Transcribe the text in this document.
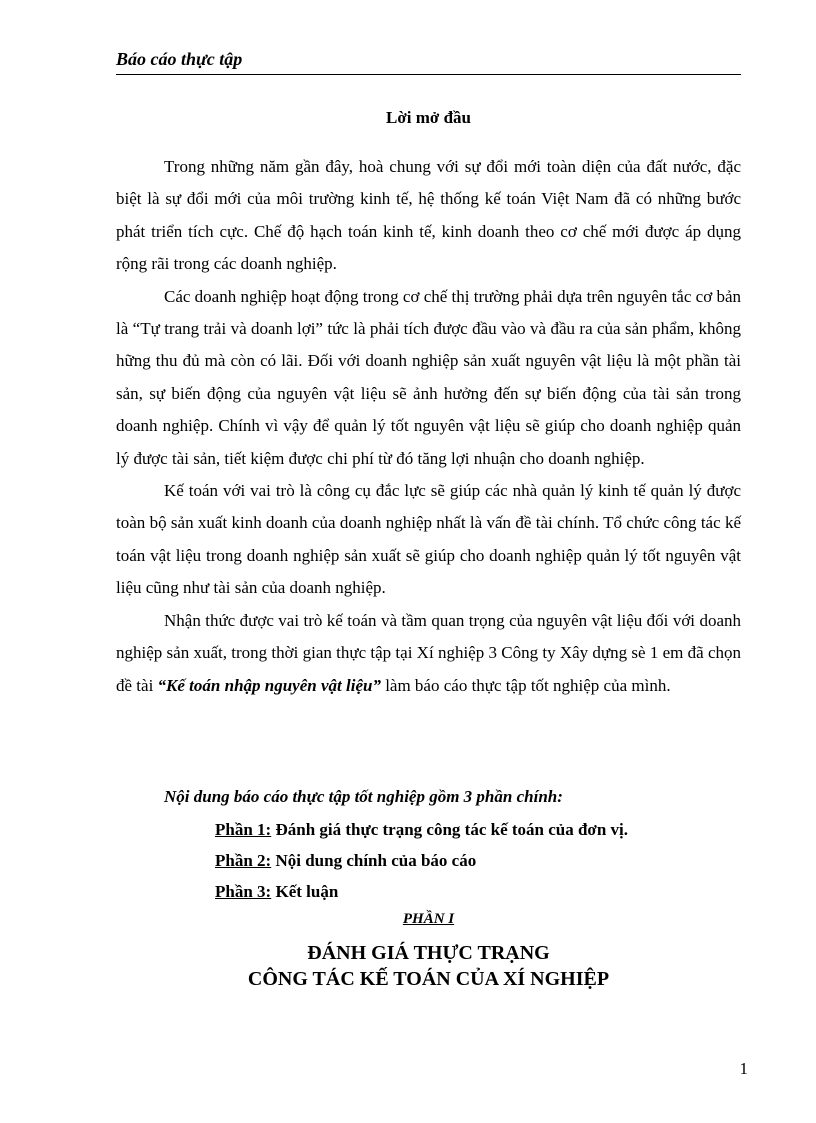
Báo cáo thực tập
Lời mở đầu

Trong những năm gần đây, hoà chung với sự đổi mới toàn diện của đất nước, đặc biệt là sự đổi mới của môi trường kinh tế, hệ thống kế toán Việt Nam đã có những bước phát triển tích cực. Chế độ hạch toán kinh tế, kinh doanh theo cơ chế mới được áp dụng rộng rãi trong các doanh nghiệp.

Các doanh nghiệp hoạt động trong cơ chế thị trường phải dựa trên nguyên tắc cơ bản là “Tự trang trải và doanh lợi” tức là phải tích được đầu vào và đầu ra của sản phẩm, không hững thu đủ mà còn có lãi. Đối với doanh nghiệp sản xuất nguyên vật liệu là một phần tài sản, sự biến động của nguyên vật liệu sẽ ảnh hưởng đến sự biến động của tài sản trong doanh nghiệp. Chính vì vậy để quản lý tốt nguyên vật liệu sẽ giúp cho doanh nghiệp quản lý được tài sản, tiết kiệm được chi phí từ đó tăng lợi nhuận cho doanh nghiệp.

Kế toán với vai trò là công cụ đắc lực sẽ giúp các nhà quản lý kinh tế quản lý được toàn bộ sản xuất kinh doanh của doanh nghiệp nhất là vấn đề tài chính. Tổ chức công tác kế toán vật liệu trong doanh nghiệp sản xuất sẽ giúp cho doanh nghiệp quản lý tốt nguyên vật liệu cũng như tài sản của doanh nghiệp.

Nhận thức được vai trò kế toán và tầm quan trọng của nguyên vật liệu đối với doanh nghiệp sản xuất, trong thời gian thực tập tại Xí nghiệp 3 Công ty Xây dựng sè 1 em đã chọn đề tài “Kế toán nhập nguyên vật liệu” làm báo cáo thực tập tốt nghiệp của mình.

Nội dung báo cáo thực tập tốt nghiệp gồm 3 phần chính:
Phần 1: Đánh giá thực trạng công tác kế toán của đơn vị.
Phần 2: Nội dung chính của báo cáo
Phần 3: Kết luận
PHẦN I
ĐÁNH GIÁ THỰC TRẠNG
CÔNG TÁC KẾ TOÁN CỦA XÍ NGHIỆP
1
